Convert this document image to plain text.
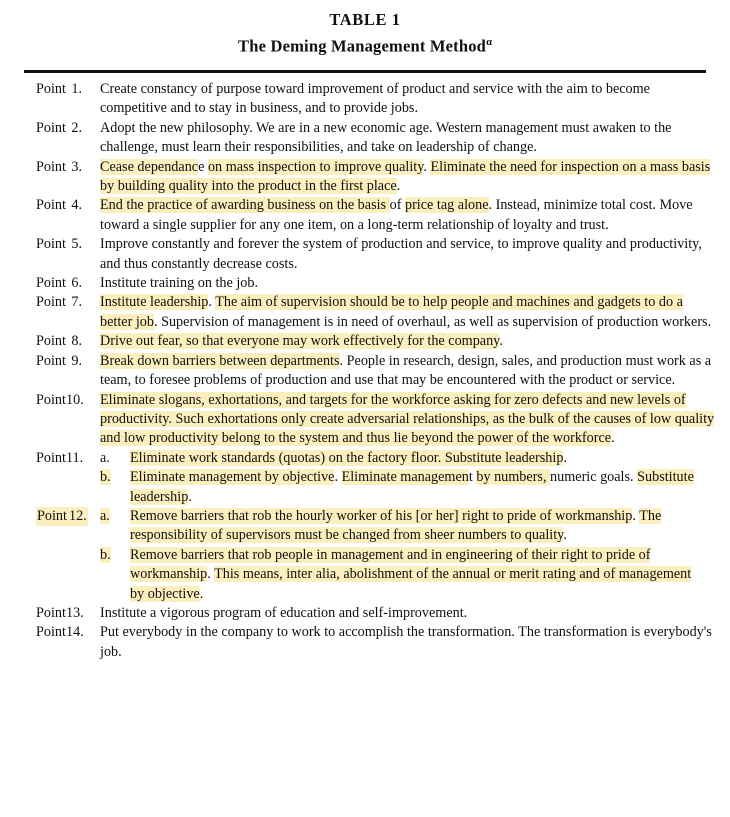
TABLE 1
The Deming Management Method$^\alpha$
Point 1.	Create constancy of purpose toward improvement of product and service with the aim to become competitive and to stay in business, and to provide jobs.
Point 2.	Adopt the new philosophy. We are in a new economic age. Western management must awaken to the challenge, must learn their responsibilities, and take on leadership of change.
Point 3.	Cease dependance on mass inspection to improve quality. Eliminate the need for inspection on a mass basis by building quality into the product in the first place.
Point 4.	End the practice of awarding business on the basis of price tag alone. Instead, minimize total cost. Move toward a single supplier for any one item, on a long-term relationship of loyalty and trust.
Point 5.	Improve constantly and forever the system of production and service, to improve quality and productivity, and thus constantly decrease costs.
Point 6.	Institute training on the job.
Point 7.	Institute leadership. The aim of supervision should be to help people and machines and gadgets to do a better job. Supervision of management is in need of overhaul, as well as supervision of production workers.
Point 8.	Drive out fear, so that everyone may work effectively for the company.
Point 9.	Break down barriers between departments. People in research, design, sales, and production must work as a team, to foresee problems of production and use that may be encountered with the product or service.
Point 10.	Eliminate slogans, exhortations, and targets for the workforce asking for zero defects and new levels of productivity. Such exhortations only create adversarial relationships, as the bulk of the causes of low quality and low productivity belong to the system and thus lie beyond the power of the workforce.
Point 11. a.	Eliminate work standards (quotas) on the factory floor. Substitute leadership.
b.	Eliminate management by objective. Eliminate management by numbers, numeric goals. Substitute leadership.
Point 12. a.	Remove barriers that rob the hourly worker of his [or her] right to pride of workmanship. The responsibility of supervisors must be changed from sheer numbers to quality.
b.	Remove barriers that rob people in management and in engineering of their right to pride of workmanship. This means, inter alia, abolishment of the annual or merit rating and of management by objective.
Point 13.	Institute a vigorous program of education and self-improvement.
Point 14.	Put everybody in the company to work to accomplish the transformation. The transformation is everybody's job.
